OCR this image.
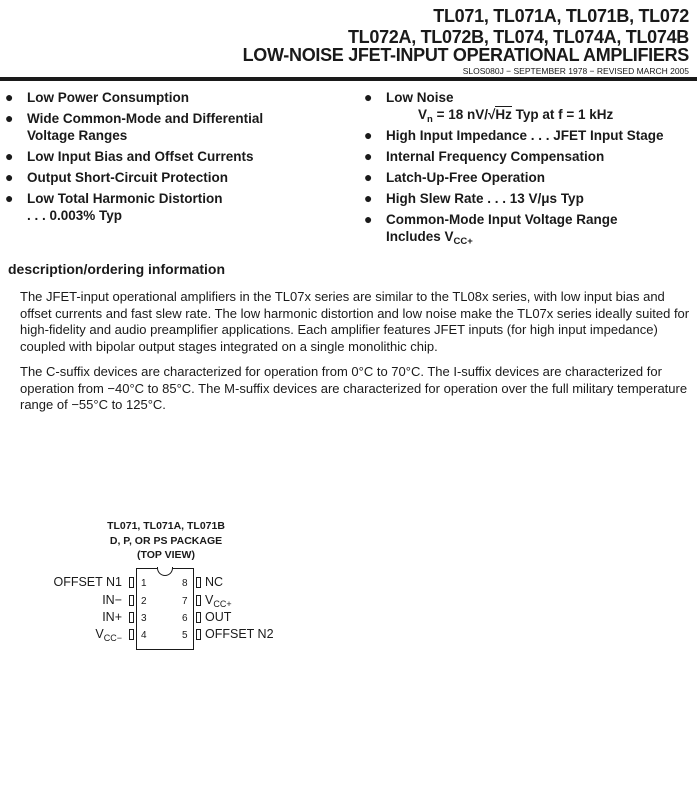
TL071, TL071A, TL071B, TL072
TL072A, TL072B, TL074, TL074A, TL074B
LOW-NOISE JFET-INPUT OPERATIONAL AMPLIFIERS
SLOS080J − SEPTEMBER 1978 − REVISED MARCH 2005
● Low Power Consumption
● Wide Common-Mode and Differential
Voltage Ranges
● Low Input Bias and Offset Currents
● Output Short-Circuit Protection
● Low Total Harmonic Distortion
. . . 0.003% Typ
● Low Noise
$V_n = 18$ nV/√Hz Typ at f = 1 kHz
● High Input Impedance . . . JFET Input Stage
● Internal Frequency Compensation
● Latch-Up-Free Operation
● High Slew Rate . . . 13 V/μs Typ
● Common-Mode Input Voltage Range
Includes $V_{CC+}$
description/ordering information
The JFET-input operational amplifiers in the TL07x series are similar to the TL08x series, with low input bias and offset currents and fast slew rate. The low harmonic distortion and low noise make the TL07x series ideally suited for high-fidelity and audio preamplifier applications. Each amplifier features JFET inputs (for high input impedance) coupled with bipolar output stages integrated on a single monolithic chip.
The C-suffix devices are characterized for operation from 0°C to 70°C. The I-suffix devices are characterized for operation from −40°C to 85°C. The M-suffix devices are characterized for operation over the full military temperature range of −55°C to 125°C.
TL071, TL071A, TL071B
D, P, OR PS PACKAGE
(TOP VIEW)
1
2
3
4
OFFSET N1
IN−
IN+
$V_{CC-}$
8
7
6
5
NC
$V_{CC+}$
OUT
OFFSET N2
